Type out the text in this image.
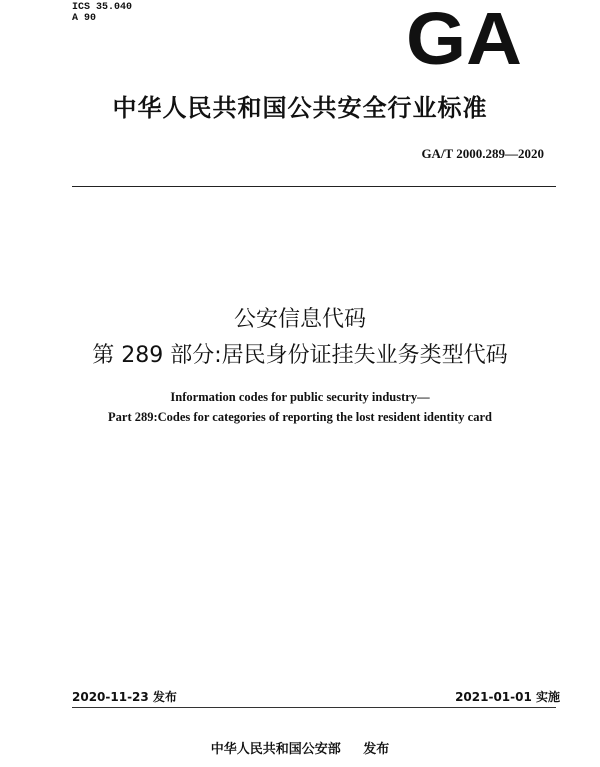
ICS 35.040
A 90	GA
中华人民共和国公共安全行业标准
GA/T 2000.289—2020
公安信息代码
第 289 部分:居民身份证挂失业务类型代码
Information codes for public security industry—
Part 289:Codes for categories of reporting the lost resident identity card
2020-11-23 发布	2021-01-01 实施
中华人民共和国公安部 发布
